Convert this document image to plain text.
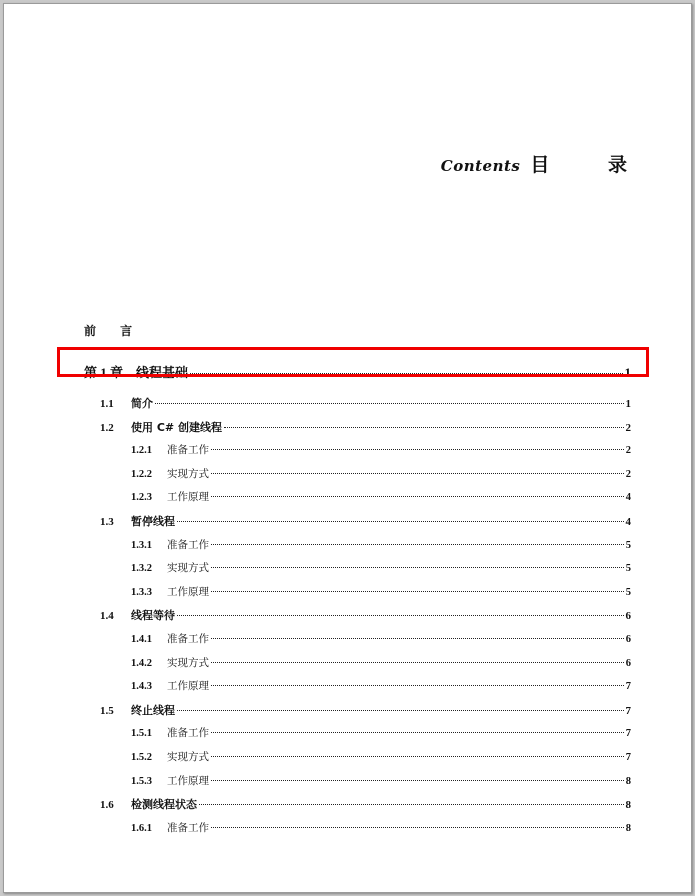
Contents 目 录
前 言
第 1 章 线程基础	1
1.1	简介	1
1.2	使用 C# 创建线程	2
1.2.1	准备工作	2
1.2.2	实现方式	2
1.2.3	工作原理	4
1.3	暂停线程	4
1.3.1	准备工作	5
1.3.2	实现方式	5
1.3.3	工作原理	5
1.4	线程等待	6
1.4.1	准备工作	6
1.4.2	实现方式	6
1.4.3	工作原理	7
1.5	终止线程	7
1.5.1	准备工作	7
1.5.2	实现方式	7
1.5.3	工作原理	8
1.6	检测线程状态	8
1.6.1	准备工作	8
